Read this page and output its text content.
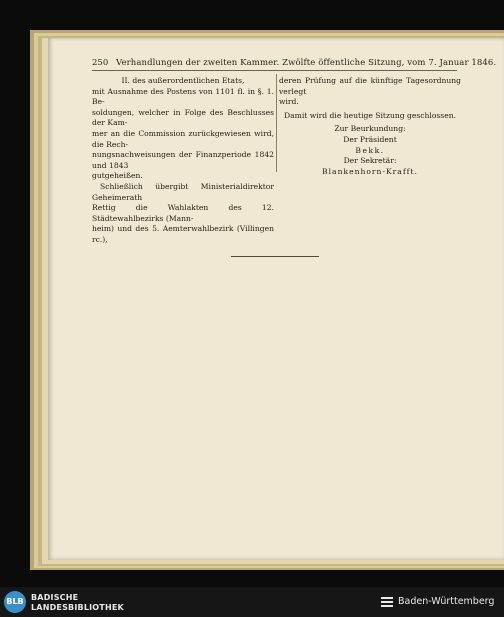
250 Verhandlungen der zweiten Kammer. Zwölfte öffentliche Sitzung, vom 7. Januar 1846.

II. des außerordentlichen Etats,

mit Ausnahme des Postens von 1101 fl. in §. 1. Be-

soldungen, welcher in Folge des Beschlusses der Kam-

mer an die Commission zurückgewiesen wird, die Rech-

nungsnachweisungen der Finanzperiode 1842 und 1843

gutgeheißen.

Schließlich übergibt Ministerialdirektor Geheimerath

Rettig die Wahlakten des 12. Städtewahlbezirks (Mann-

heim) und des 5. Aemterwahlbezirk (Villingen rc.),

deren Prüfung auf die künftige Tagesordnung verlegt

wird.

Damit wird die heutige Sitzung geschlossen.

Zur Beurkundung:

Der Präsident

Bekk.

Der Sekretär:

Blankenhorn-Krafft.

BLB BADISCHE
LANDESBIBLIOTHEK
Baden-Württemberg
